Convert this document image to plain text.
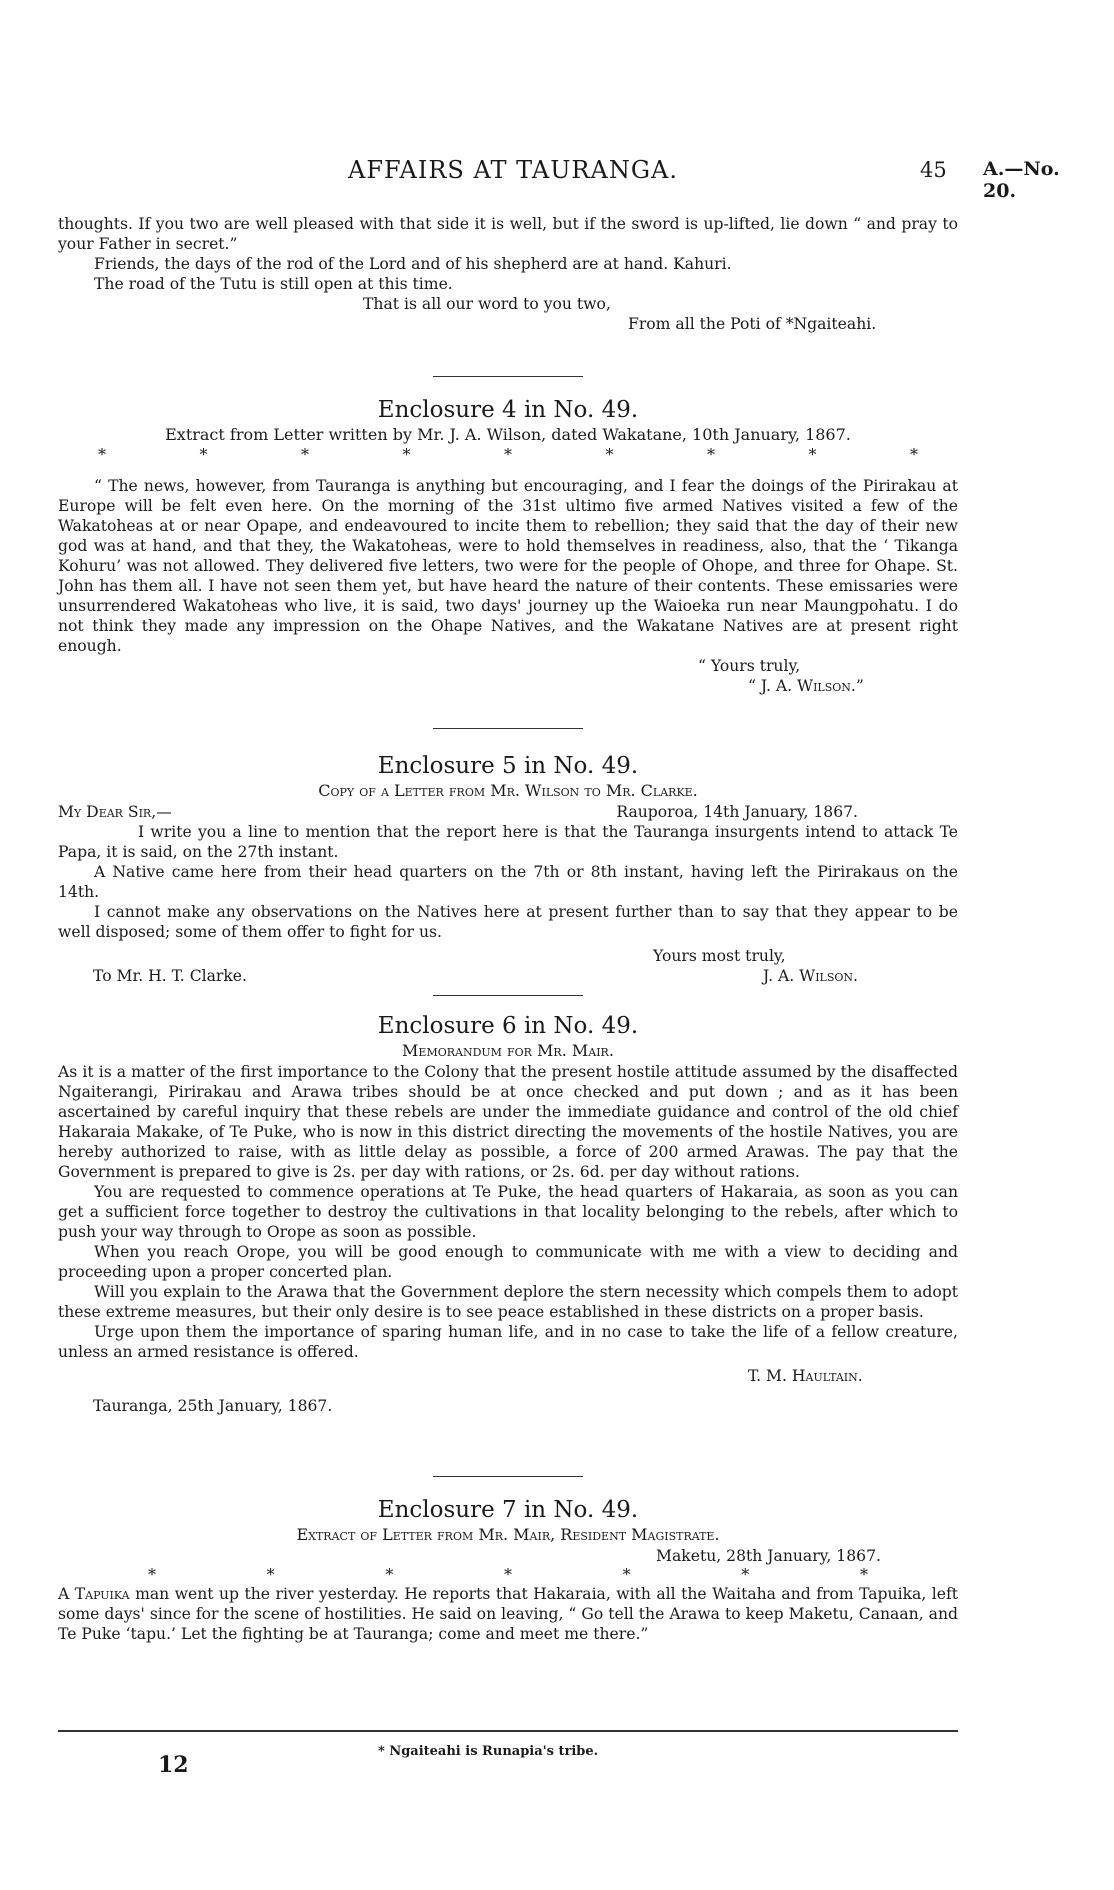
AFFAIRS AT TAURANGA.	45 A.—No. 20.

thoughts. If you two are well pleased with that side it is well, but if the sword is up-lifted, lie down “ and pray to your Father in secret.”

Friends, the days of the rod of the Lord and of his shepherd are at hand. Kahuri.

The road of the Tutu is still open at this time.

That is all our word to you two,

From all the Poti of *Ngaiteahi.

Enclosure 4 in No. 49.

Extract from Letter written by Mr. J. A. Wilson, dated Wakatane, 10th January, 1867.

*	*	*	*	*	*	*	*	*

“ The news, however, from Tauranga is anything but encouraging, and I fear the doings of the Pirirakau at Europe will be felt even here. On the morning of the 31st ultimo five armed Natives visited a few of the Wakatoheas at or near Opape, and endeavoured to incite them to rebellion; they said that the day of their new god was at hand, and that they, the Wakatoheas, were to hold themselves in readiness, also, that the ‘ Tikanga Kohuru’ was not allowed. They delivered five letters, two were for the people of Ohope, and three for Ohape. St. John has them all. I have not seen them yet, but have heard the nature of their contents. These emissaries were unsurrendered Wakatoheas who live, it is said, two days' journey up the Waioeka run near Maungpohatu. I do not think they made any impression on the Ohape Natives, and the Wakatane Natives are at present right enough.

“ Yours truly,

“ J. A. Wilson.”

Enclosure 5 in No. 49.

Copy of a Letter from Mr. Wilson to Mr. Clarke.

My Dear Sir,—	Rauporoa, 14th January, 1867.

I write you a line to mention that the report here is that the Tauranga insurgents intend to attack Te Papa, it is said, on the 27th instant.

A Native came here from their head quarters on the 7th or 8th instant, having left the Pirirakaus on the 14th.

I cannot make any observations on the Natives here at present further than to say that they appear to be well disposed; some of them offer to fight for us.

Yours most truly,

To Mr. H. T. Clarke.	J. A. Wilson.

Enclosure 6 in No. 49.

Memorandum for Mr. Mair.

As it is a matter of the first importance to the Colony that the present hostile attitude assumed by the disaffected Ngaiterangi, Pirirakau and Arawa tribes should be at once checked and put down ; and as it has been ascertained by careful inquiry that these rebels are under the immediate guidance and control of the old chief Hakaraia Makake, of Te Puke, who is now in this district directing the movements of the hostile Natives, you are hereby authorized to raise, with as little delay as possible, a force of 200 armed Arawas. The pay that the Government is prepared to give is 2s. per day with rations, or 2s. 6d. per day without rations.

You are requested to commence operations at Te Puke, the head quarters of Hakaraia, as soon as you can get a sufficient force together to destroy the cultivations in that locality belonging to the rebels, after which to push your way through to Orope as soon as possible.

When you reach Orope, you will be good enough to communicate with me with a view to deciding and proceeding upon a proper concerted plan.

Will you explain to the Arawa that the Government deplore the stern necessity which compels them to adopt these extreme measures, but their only desire is to see peace established in these districts on a proper basis.

Urge upon them the importance of sparing human life, and in no case to take the life of a fellow creature, unless an armed resistance is offered.

T. M. Haultain.

Tauranga, 25th January, 1867.

Enclosure 7 in No. 49.

Extract of Letter from Mr. Mair, Resident Magistrate.

Maketu, 28th January, 1867.

*	*	*	*	*	*	*

A Tapuika man went up the river yesterday. He reports that Hakaraia, with all the Waitaha and from Tapuika, left some days' since for the scene of hostilities. He said on leaving, “ Go tell the Arawa to keep Maketu, Canaan, and Te Puke ‘tapu.’ Let the fighting be at Tauranga; come and meet me there.”

* Ngaiteahi is Runapia's tribe.
12
